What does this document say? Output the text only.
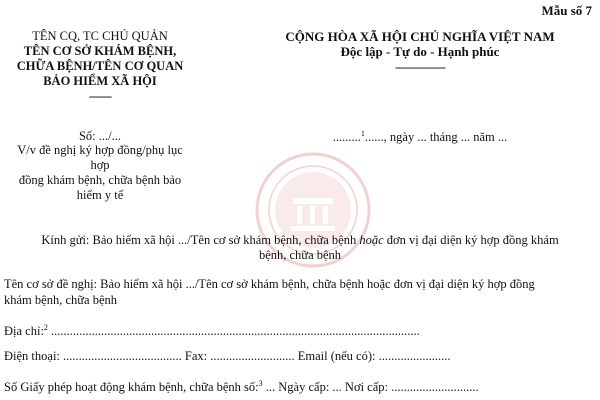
Mẫu số 7
TÊN CQ, TC CHỦ QUẢN
TÊN CƠ SỞ KHÁM BỆNH,
CHỮA BỆNH/TÊN CƠ QUAN
BẢO HIỂM XÃ HỘI
-------
CỘNG HÒA XÃ HỘI CHỦ NGHĨA VIỆT NAM
Độc lập - Tự do - Hạnh phúc
---------------
Số: .../...
V/v đề nghị ký hợp đồng/phụ lục hợp
đồng khám bệnh, chữa bệnh bảo
hiểm y tế
.........$^1$......, ngày ... tháng ... năm ...
Kính gửi: Bảo hiểm xã hội .../Tên cơ sở khám bệnh, chữa bệnh hoặc đơn vị đại diện ký hợp đồng khám
bệnh, chữa bệnh
Tên cơ sở đề nghị: Bảo hiểm xã hội .../Tên cơ sở khám bệnh, chữa bệnh hoặc đơn vị đại diện ký hợp đồng
khám bệnh, chữa bệnh
Địa chỉ:$^2$ ......................................................................................................................
Điện thoại: ...................................... Fax: ........................... Email (nếu có): .......................
Số Giấy phép hoạt động khám bệnh, chữa bệnh số:$^3$ ... Ngày cấp: ... Nơi cấp: ............................
